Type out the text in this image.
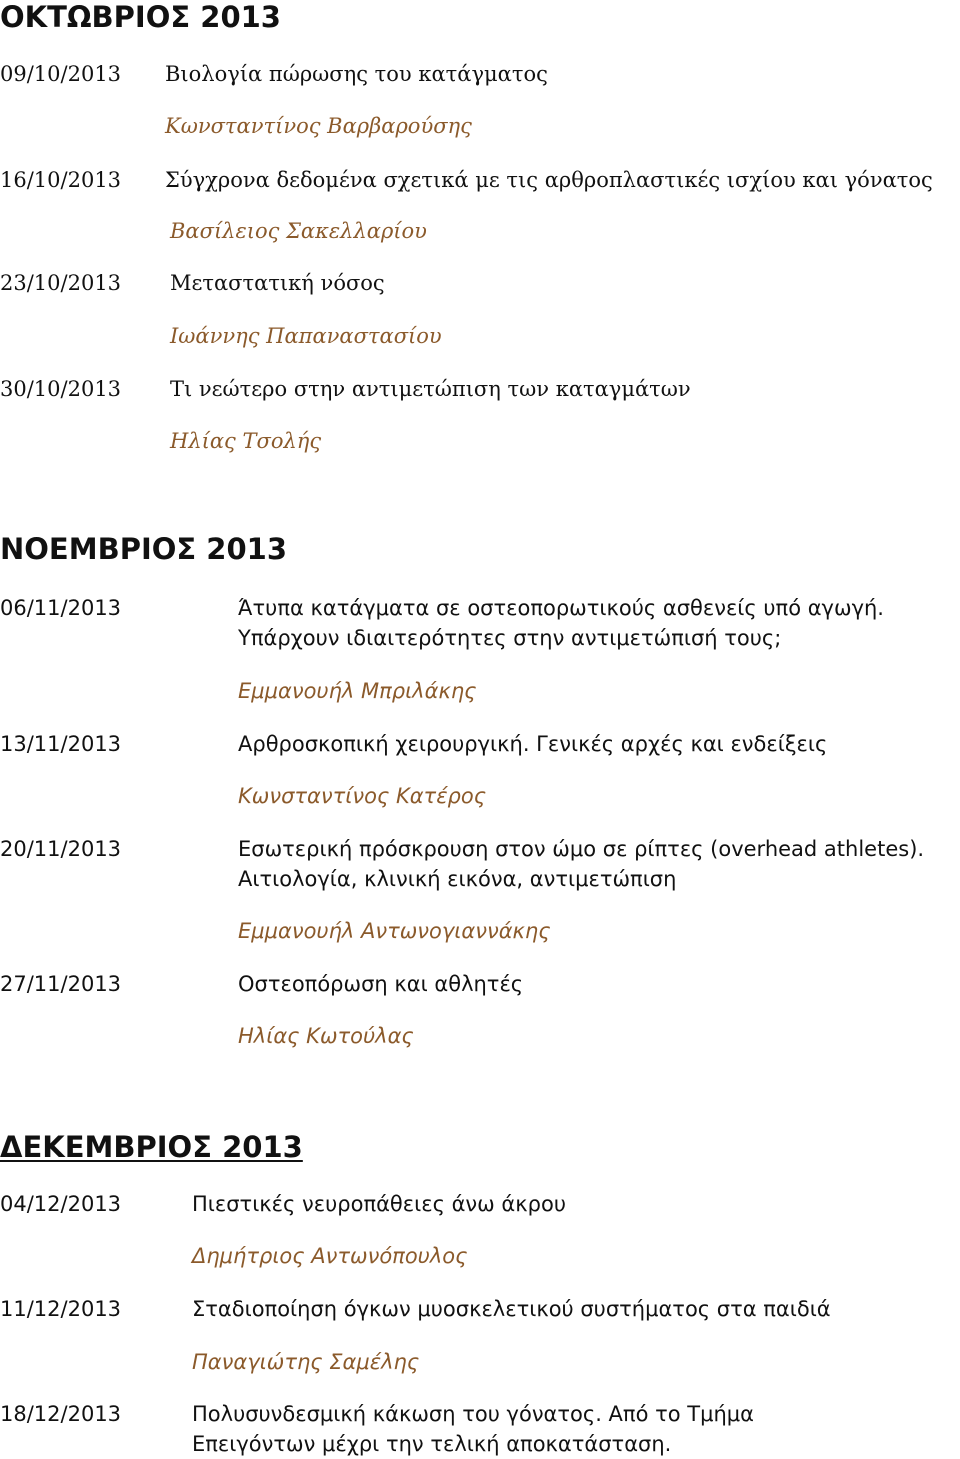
ΟΚΤΩΒΡΙΟΣ 2013
09/10/2013 Βιολογία πώρωσης του κατάγματος
Κωνσταντίνος Βαρβαρούσης
16/10/2013 Σύγχρονα δεδομένα σχετικά με τις αρθροπλαστικές ισχίου και γόνατος
Βασίλειος Σακελλαρίου
23/10/2013 Μεταστατική νόσος
Ιωάννης Παπαναστασίου
30/10/2013 Τι νεώτερο στην αντιμετώπιση των καταγμάτων
Ηλίας Τσολής
ΝΟΕΜΒΡΙΟΣ 2013
06/11/2013	Άτυπα κατάγματα σε οστεοπορωτικούς ασθενείς υπό αγωγή.
Υπάρχουν ιδιαιτερότητες στην αντιμετώπισή τους;
Εμμανουήλ Μπριλάκης
13/11/2013	Αρθροσκοπική χειρουργική. Γενικές αρχές και ενδείξεις
Κωνσταντίνος Κατέρος
20/11/2013	Εσωτερική πρόσκρουση στον ώμο σε ρίπτες (overhead athletes).
Αιτιολογία, κλινική εικόνα, αντιμετώπιση
Εμμανουήλ Αντωνογιαννάκης
27/11/2013	Οστεοπόρωση και αθλητές
Ηλίας Κωτούλας
ΔΕΚΕΜΒΡΙΟΣ 2013
04/12/2013	Πιεστικές νευροπάθειες άνω άκρου
Δημήτριος Αντωνόπουλος
11/12/2013	Σταδιοποίηση όγκων μυοσκελετικού συστήματος στα παιδιά
Παναγιώτης Σαμέλης
18/12/2013	Πολυσυνδεσμική κάκωση του γόνατος. Από το Τμήμα
Επειγόντων μέχρι την τελική αποκατάσταση.
